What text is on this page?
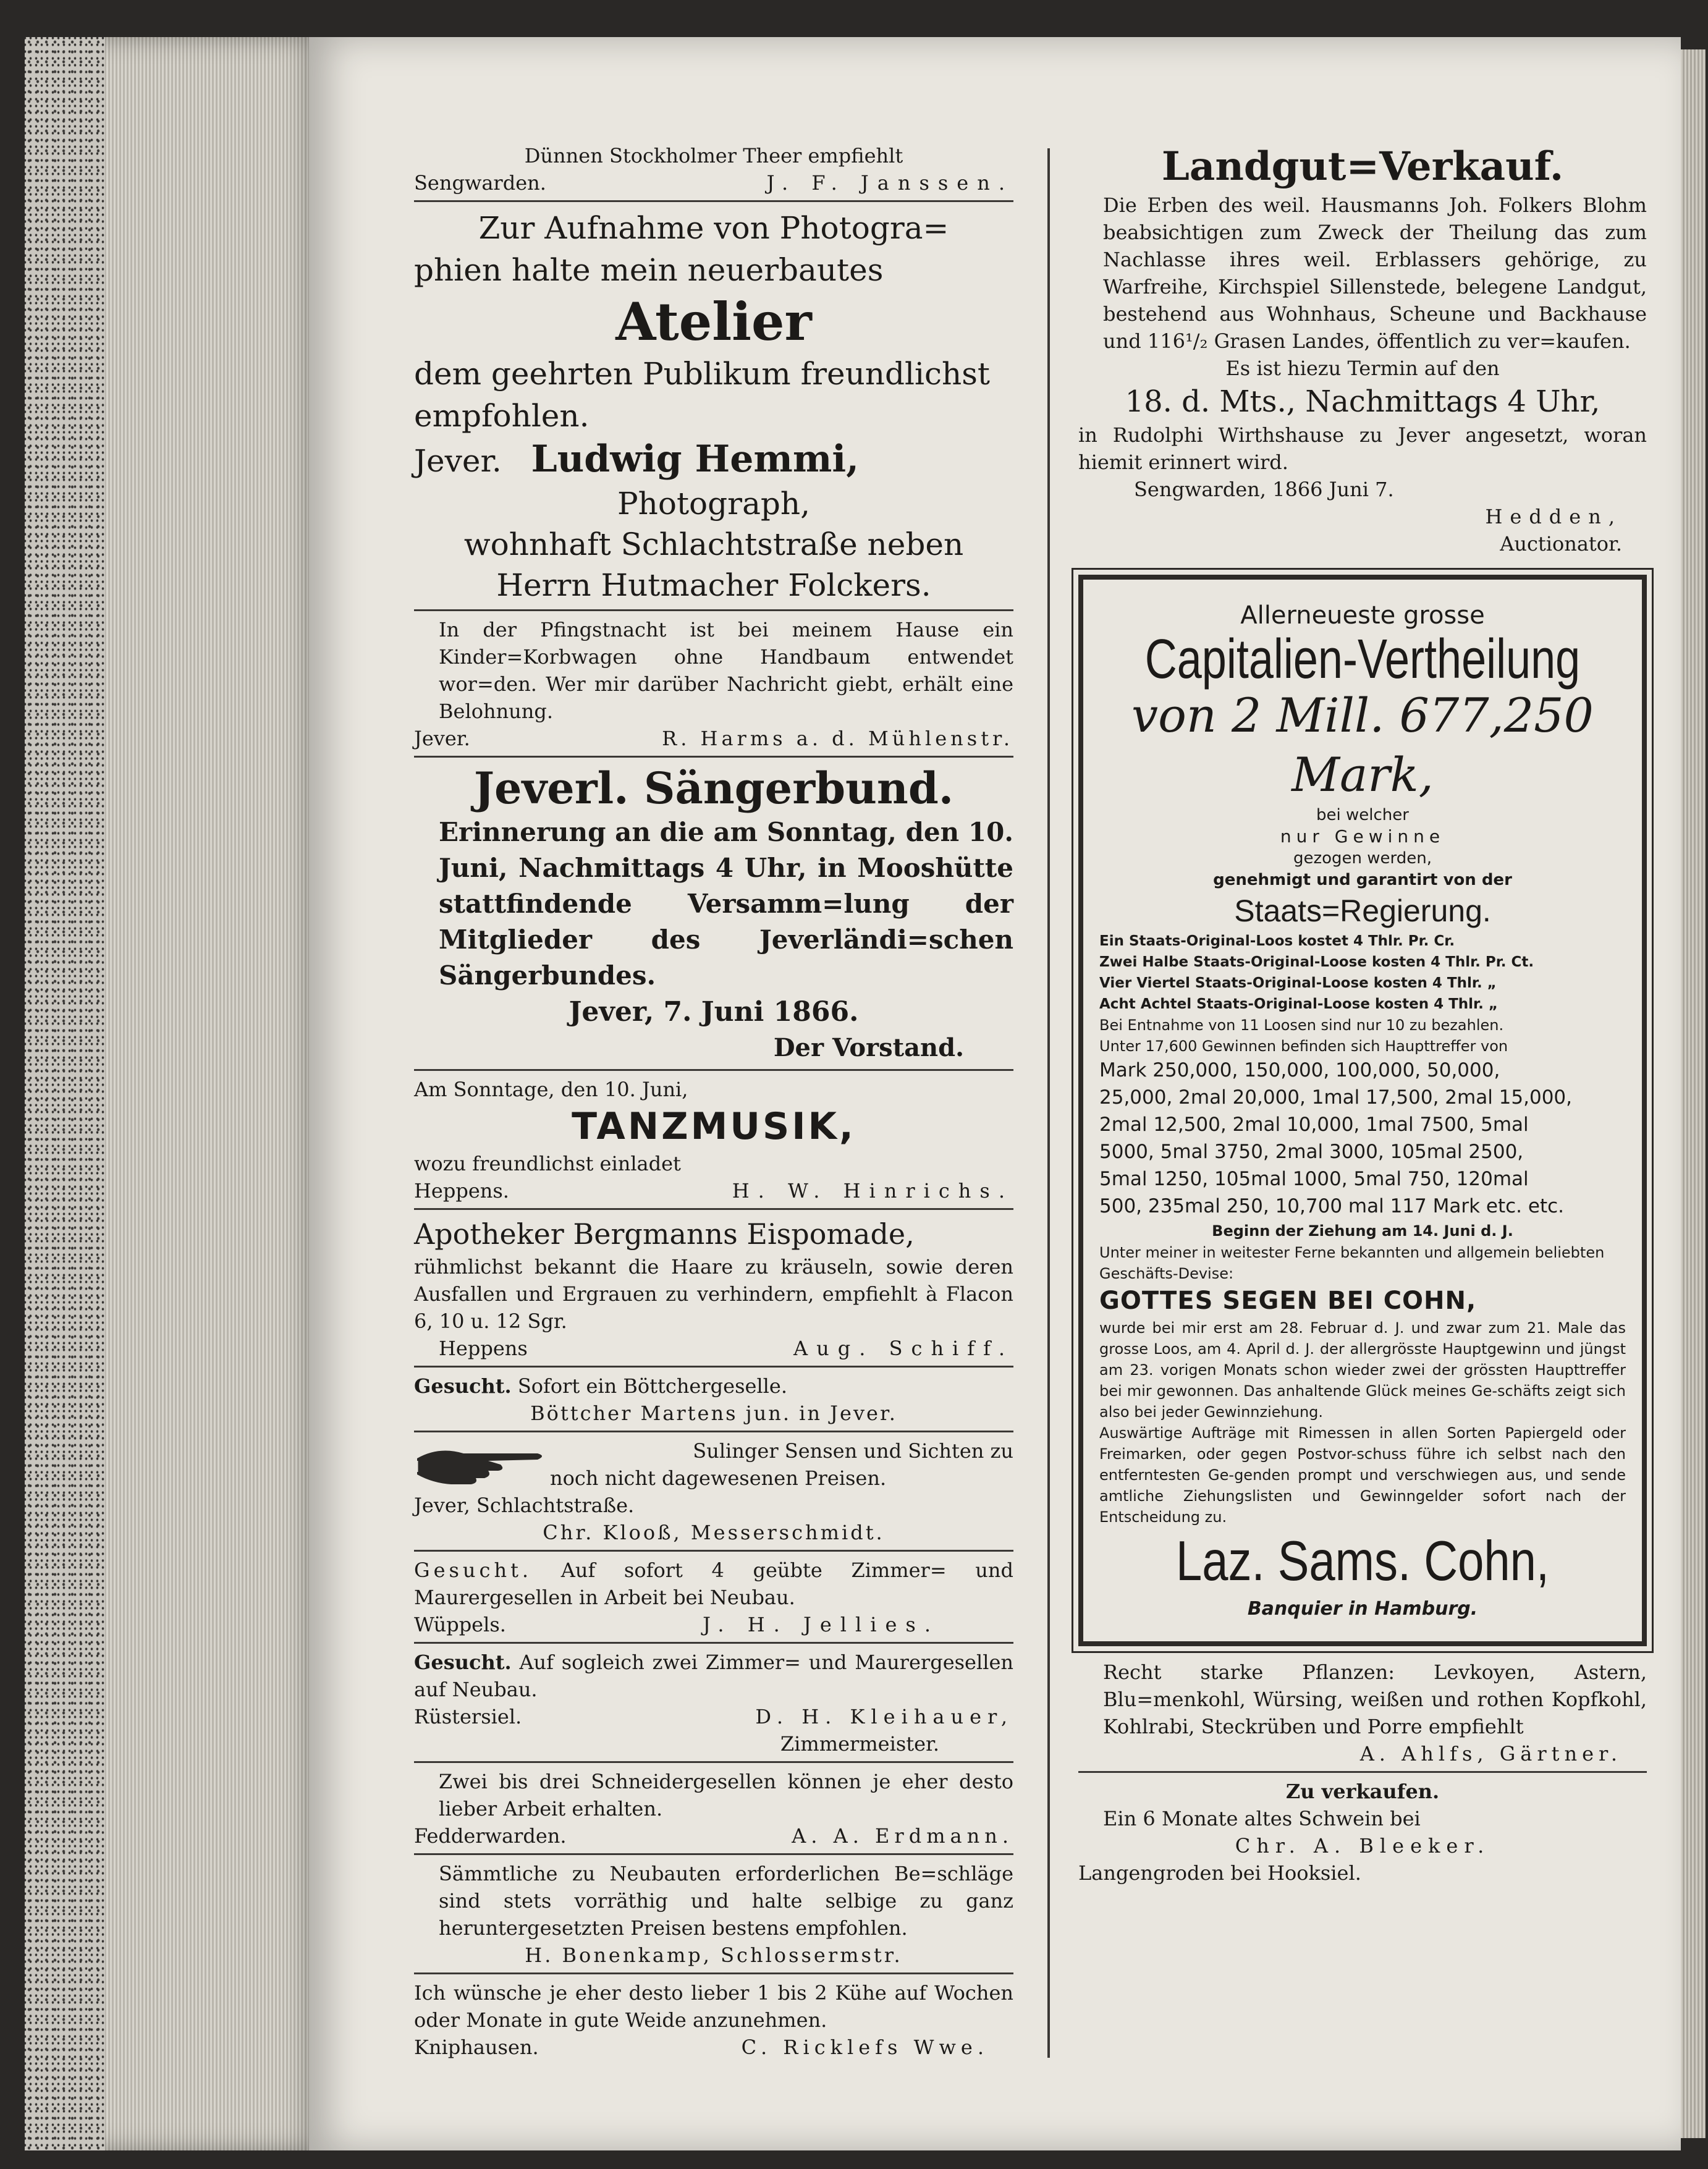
Dünnen Stockholmer Theer empfiehlt
Sengwarden.	J. F. Janssen.
Zur Aufnahme von Photogra=
phien halte mein neuerbautes
Atelier
dem geehrten Publikum freundlichst
empfohlen.
Jever. Ludwig Hemmi,
Photograph,
wohnhaft Schlachtstraße neben
Herrn Hutmacher Folckers.
In der Pfingstnacht ist bei meinem Hause ein Kinder=Korbwagen ohne Handbaum entwendet wor=den. Wer mir darüber Nachricht giebt, erhält eine Belohnung.
Jever.	R. Harms a. d. Mühlenstr.
Jeverl. Sängerbund.
Erinnerung an die am Sonntag, den 10. Juni, Nachmittags 4 Uhr, in Mooshütte stattfindende Versamm=lung der Mitglieder des Jeverländi=schen Sängerbundes.
Jever, 7. Juni 1866.
Der Vorstand.
Am Sonntage, den 10. Juni,
TANZMUSIK,
wozu freundlichst einladet
Heppens.	H. W. Hinrichs.
Apotheker Bergmanns Eispomade,
rühmlichst bekannt die Haare zu kräuseln, sowie deren Ausfallen und Ergrauen zu verhindern, empfiehlt à Flacon 6, 10 u. 12 Sgr.
Heppens	Aug. Schiff.
Gesucht. Sofort ein Böttchergeselle.
Böttcher Martens jun. in Jever.
Sulinger Sensen und Sichten zu
noch nicht dagewesenen Preisen.
Jever, Schlachtstraße.
Chr. Klooß, Messerschmidt.
Gesucht. Auf sofort 4 geübte Zimmer= und Maurergesellen in Arbeit bei Neubau.
Wüppels.	J. H. Jellies.
Gesucht. Auf sogleich zwei Zimmer= und Maurergesellen auf Neubau.
Rüstersiel.	D. H. Kleihauer,
Zimmermeister.
Zwei bis drei Schneidergesellen können je eher desto lieber Arbeit erhalten.
Fedderwarden.	A. A. Erdmann.
Sämmtliche zu Neubauten erforderlichen Be=schläge sind stets vorräthig und halte selbige zu ganz heruntergesetzten Preisen bestens empfohlen.
H. Bonenkamp, Schlossermstr.
Ich wünsche je eher desto lieber 1 bis 2 Kühe auf Wochen oder Monate in gute Weide anzunehmen.
Kniphausen.	C. Ricklefs Wwe.
Landgut=Verkauf.
Die Erben des weil. Hausmanns Joh. Folkers Blohm beabsichtigen zum Zweck der Theilung das zum Nachlasse ihres weil. Erblassers gehörige, zu Warfreihe, Kirchspiel Sillenstede, belegene Landgut, bestehend aus Wohnhaus, Scheune und Backhause und 116¹/₂ Grasen Landes, öffentlich zu ver=kaufen.
Es ist hiezu Termin auf den
18. d. Mts., Nachmittags 4 Uhr,
in Rudolphi Wirthshause zu Jever angesetzt, woran hiemit erinnert wird.
Sengwarden, 1866 Juni 7.
Hedden,
Auctionator.
Allerneueste grosse
Capitalien-Vertheilung
von 2 Mill. 677,250 Mark,
bei welcher
nur Gewinne
gezogen werden,
genehmigt und garantirt von der
Staats=Regierung.
Ein Staats-Original-Loos kostet 4 Thlr. Pr. Cr.
Zwei Halbe Staats-Original-Loose kosten 4 Thlr. Pr. Ct.
Vier Viertel Staats-Original-Loose kosten 4 Thlr. „
Acht Achtel Staats-Original-Loose kosten 4 Thlr. „
Bei Entnahme von 11 Loosen sind nur 10 zu bezahlen.
Unter 17,600 Gewinnen befinden sich Haupttreffer von
Mark 250,000, 150,000, 100,000, 50,000,
25,000, 2mal 20,000, 1mal 17,500, 2mal 15,000,
2mal 12,500, 2mal 10,000, 1mal 7500, 5mal
5000, 5mal 3750, 2mal 3000, 105mal 2500,
5mal 1250, 105mal 1000, 5mal 750, 120mal
500, 235mal 250, 10,700 mal 117 Mark etc. etc.
Beginn der Ziehung am 14. Juni d. J.
Unter meiner in weitester Ferne bekannten und allgemein beliebten Geschäfts-Devise:
GOTTES SEGEN BEI COHN,
wurde bei mir erst am 28. Februar d. J. und zwar zum 21. Male das grosse Loos, am 4. April d. J. der allergrösste Hauptgewinn und jüngst am 23. vorigen Monats schon wieder zwei der grössten Haupttreffer bei mir gewonnen. Das anhaltende Glück meines Ge-schäfts zeigt sich also bei jeder Gewinnziehung.
Auswärtige Aufträge mit Rimessen in allen Sorten Papiergeld oder Freimarken, oder gegen Postvor-schuss führe ich selbst nach den entferntesten Ge-genden prompt und verschwiegen aus, und sende amtliche Ziehungslisten und Gewinngelder sofort nach der Entscheidung zu.
Laz. Sams. Cohn,
Banquier in Hamburg.
Recht starke Pflanzen: Levkoyen, Astern, Blu=menkohl, Würsing, weißen und rothen Kopfkohl, Kohlrabi, Steckrüben und Porre empfiehlt
A. Ahlfs, Gärtner.
Zu verkaufen.
Ein 6 Monate altes Schwein bei
Chr. A. Bleeker.
Langengroden bei Hooksiel.
